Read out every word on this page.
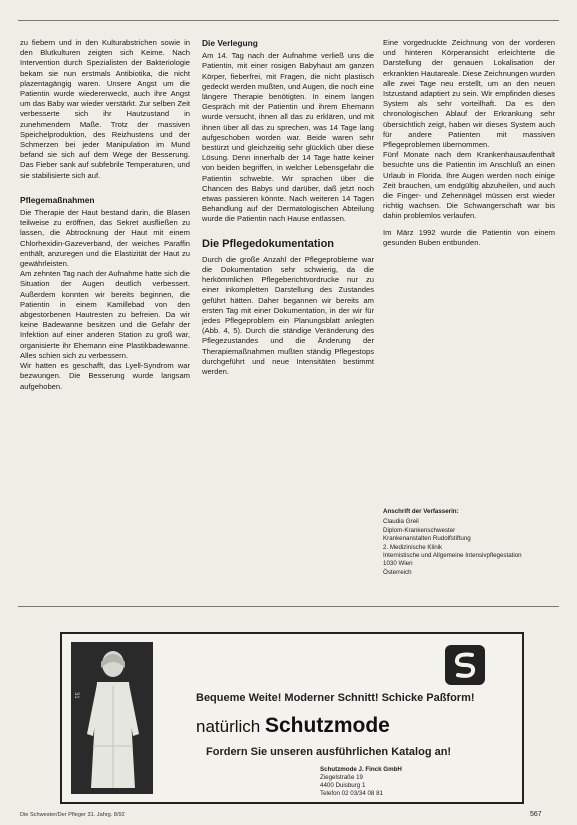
zu fiebern und in den Kulturabstrichen sowie in den Blutkulturen zeigten sich Keime. Nach Intervention durch Spezialisten der Bakteriologie bekam sie nun erstmals Antibiotika, die nicht plazentagängig waren. Unsere Angst um die Patientin wurde wiedererweckt, auch ihre Angst um das Baby war wieder verstärkt. Zur selben Zeit verbesserte sich ihr Hautzustand in zunehmendem Maße. Trotz der massiven Speichelproduktion, des Reizhustens und der Schmerzen bei jeder Manipulation im Mund befand sie sich auf dem Wege der Besserung. Das Fieber sank auf subfebrile Temperaturen, und sie stabilisierte sich auf.

Pflegemaßnahmen

Die Therapie der Haut bestand darin, die Blasen teilweise zu eröffnen, das Sekret ausfließen zu lassen, die Abtrocknung der Haut mit einem Chlorhexidin-Gazeverband, der weiches Paraffin enthält, anzuregen und die Elastizität der Haut zu gewährleisten.

Am zehnten Tag nach der Aufnahme hatte sich die Situation der Augen deutlich verbessert. Außerdem konnten wir bereits beginnen, die Patientin in einem Kamillebad von den abgestorbenen Hautresten zu befreien. Da wir keine Badewanne besitzen und die Gefahr der Infektion auf einer anderen Station zu groß war, organisierte ihr Ehemann eine Plastikbadewanne. Alles schien sich zu verbessern.

Wir hatten es geschafft, das Lyell-Syndrom war bezwungen. Die Besserung wurde langsam aufgehoben.

Die Verlegung

Am 14. Tag nach der Aufnahme verließ uns die Patientin, mit einer rosigen Babyhaut am ganzen Körper, fieberfrei, mit Fragen, die nicht plastisch gedeckt werden mußten, und Augen, die noch eine längere Therapie benötigten. In einem langen Gespräch mit der Patientin und ihrem Ehemann wurde versucht, ihnen all das zu erklären, und mit ihnen über all das zu sprechen, was 14 Tage lang aufgeschoben worden war. Beide waren sehr bestürzt und gleichzeitig sehr glücklich über diese Lösung. Denn innerhalb der 14 Tage hatte keiner von beiden begriffen, in welcher Lebensgefahr die Patientin schwebte. Wir sprachen über die Chancen des Babys und darüber, daß jetzt noch etwas passieren könnte. Nach weiteren 14 Tagen Behandlung auf der Dermatologischen Abteilung wurde die Patientin nach Hause entlassen.

Die Pflegedokumentation

Durch die große Anzahl der Pflegeprobleme war die Dokumentation sehr schwierig, da die herkömmlichen Pflegeberichtvordrucke nur zu einer inkompletten Darstellung des Zustandes geführt hätten. Daher begannen wir bereits am ersten Tag mit einer Dokumentation, in der wir für jedes Pflegeproblem ein Planungsblatt anlegten (Abb. 4, 5). Durch die ständige Veränderung des Pflegezustandes und die Änderung der Therapiemaßnahmen mußten ständig Pflegestops durchgeführt und neue Intensitäten bestimmt werden.

Eine vorgedruckte Zeichnung von der vorderen und hinteren Körperansicht erleichterte die Darstellung der genauen Lokalisation der erkrankten Hautareale. Diese Zeichnungen wurden alle zwei Tage neu erstellt, um an den neuen Istzustand adaptiert zu sein. Wir empfinden dieses System als sehr vorteilhaft. Da es den chronologischen Ablauf der Erkrankung sehr übersichtlich zeigt, haben wir dieses System auch für andere Patienten mit massiven Pflegeproblemen übernommen.

Fünf Monate nach dem Krankenhausaufenthalt besuchte uns die Patientin im Anschluß an einen Urlaub in Florida. Ihre Augen werden noch einige Zeit brauchen, um endgültig abzuheilen, und auch die Finger- und Zehennägel müssen erst wieder richtig wachsen. Die Schwangerschaft war bis dahin problemlos verlaufen.

Im März 1992 wurde die Patientin von einem gesunden Buben entbunden.

Anschrift der Verfasserin:
Claudia Greil
Diplom-Krankenschwester
Krankenanstalten Rudolfstiftung
2. Medizinische Klinik
Internistische und Allgemeine Intensivpflegestation
1030 Wien
Österreich
31	Bequeme Weite! Moderner Schnitt! Schicke Paßform!
natürlich Schutzmode
Fordern Sie unseren ausführlichen Katalog an!
Schutzmode J. Finck GmbH
Ziegelstraße 19
4400 Duisburg 1
Telefon 02 03/34 08 81
Die Schwester/Der Pfleger 31. Jahrg. 8/92	567
